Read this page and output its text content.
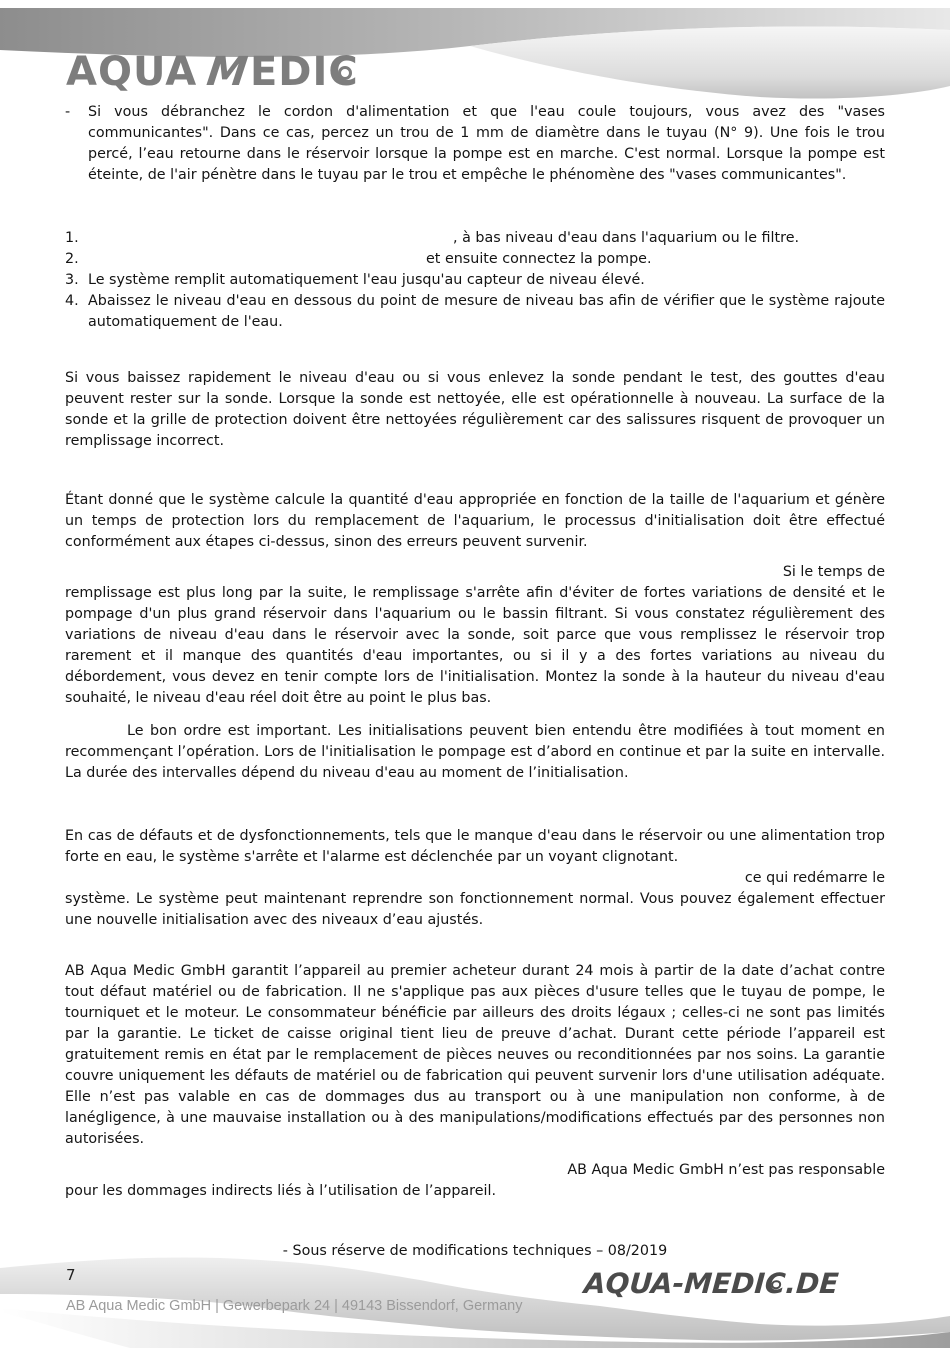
AQUAMEDIC
-	Si vous débranchez le cordon d'alimentation et que l'eau coule toujours, vous avez des "vases communicantes". Dans ce cas, percez un trou de 1 mm de diamètre dans le tuyau (N° 9). Une fois le trou percé, l’eau retourne dans le réservoir lorsque la pompe est en marche. C'est normal. Lorsque la pompe est éteinte, de l'air pénètre dans le tuyau par le trou et empêche le phénomène des "vases communicantes".
1.	, à bas niveau d'eau dans l'aquarium ou le filtre.
2.	et ensuite connectez la pompe.
3. Le système remplit automatiquement l'eau jusqu'au capteur de niveau élevé.
4. Abaissez le niveau d'eau en dessous du point de mesure de niveau bas afin de vérifier que le système rajoute automatiquement de l'eau.

Si vous baissez rapidement le niveau d'eau ou si vous enlevez la sonde pendant le test, des gouttes d'eau peuvent rester sur la sonde. Lorsque la sonde est nettoyée, elle est opérationnelle à nouveau. La surface de la sonde et la grille de protection doivent être nettoyées régulièrement car des salissures risquent de provoquer un remplissage incorrect.

Étant donné que le système calcule la quantité d'eau appropriée en fonction de la taille de l'aquarium et génère un temps de protection lors du remplacement de l'aquarium, le processus d'initialisation doit être effectué conformément aux étapes ci-dessus, sinon des erreurs peuvent survenir.

Si le temps de

remplissage est plus long par la suite, le remplissage s'arrête afin d'éviter de fortes variations de densité et le pompage d'un plus grand réservoir dans l'aquarium ou le bassin filtrant. Si vous constatez régulièrement des variations de niveau d'eau dans le réservoir avec la sonde, soit parce que vous remplissez le réservoir trop rarement et il manque des quantités d'eau importantes, ou si il y a des fortes variations au niveau du débordement, vous devez en tenir compte lors de l'initialisation. Montez la sonde à la hauteur du niveau d'eau souhaité, le niveau d'eau réel doit être au point le plus bas.

Le bon ordre est important. Les initialisations peuvent bien entendu être modifiées à tout moment en recommençant l’opération. Lors de l'initialisation le pompage est d’abord en continue et par la suite en intervalle. La durée des intervalles dépend du niveau d'eau au moment de l’initialisation.

En cas de défauts et de dysfonctionnements, tels que le manque d'eau dans le réservoir ou une alimentation trop forte en eau, le système s'arrête et l'alarme est déclenchée par un voyant clignotant.

ce qui redémarre le

système. Le système peut maintenant reprendre son fonctionnement normal. Vous pouvez également effectuer une nouvelle initialisation avec des niveaux d’eau ajustés.

AB Aqua Medic GmbH garantit l’appareil au premier acheteur durant 24 mois à partir de la date d’achat contre tout défaut matériel ou de fabrication. Il ne s'applique pas aux pièces d'usure telles que le tuyau de pompe, le tourniquet et le moteur. Le consommateur bénéficie par ailleurs des droits légaux ; celles-ci ne sont pas limités par la garantie. Le ticket de caisse original tient lieu de preuve d’achat. Durant cette période l’appareil est gratuitement remis en état par le remplacement de pièces neuves ou reconditionnées par nos soins. La garantie couvre uniquement les défauts de matériel ou de fabrication qui peuvent survenir lors d'une utilisation adéquate. Elle n’est pas valable en cas de dommages dus au transport ou à une manipulation non conforme, à de lanégligence, à une mauvaise installation ou à des manipulations/modifications effectués par des personnes non autorisées.

AB Aqua Medic GmbH n’est pas responsable

pour les dommages indirects liés à l’utilisation de l’appareil.

- Sous réserve de modifications techniques – 08/2019
7	AQUA-MEDIC.DE
AB Aqua Medic GmbH | Gewerbepark 24 | 49143 Bissendorf, Germany
